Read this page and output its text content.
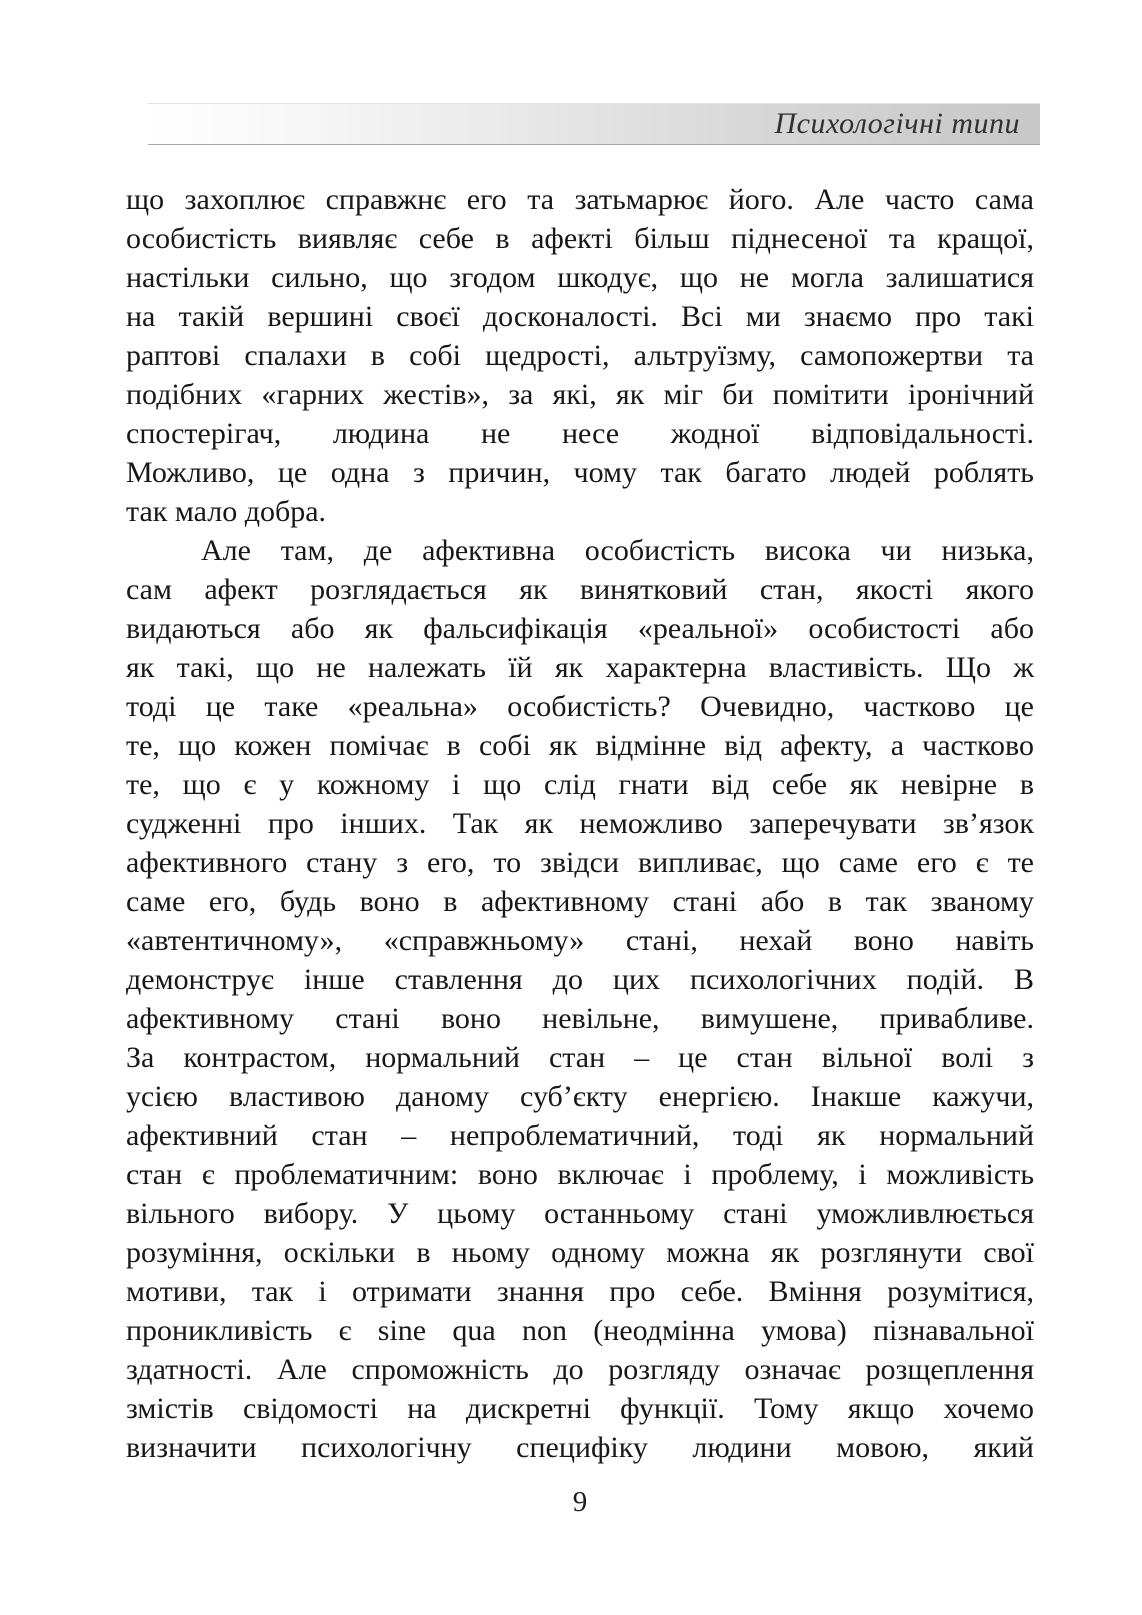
Психологічні типи
що захоплює справжнє его та затьмарює його. Але часто сама
особистість виявляє себе в афекті більш піднесеної та кращої,
настільки сильно, що згодом шкодує, що не могла залишатися
на такій вершині своєї досконалості. Всі ми знаємо про такі
раптові спалахи в собі щедрості, альтруїзму, самопожертви та
подібних «гарних жестів», за які, як міг би помітити іронічний
спостерігач, людина не несе жодної відповідальності.
Можливо, це одна з причин, чому так багато людей роблять
так мало добра.
Але там, де афективна особистість висока чи низька,
сам афект розглядається як винятковий стан, якості якого
видаються або як фальсифікація «реальної» особистості або
як такі, що не належать їй як характерна властивість. Що ж
тоді це таке «реальна» особистість? Очевидно, частково це
те, що кожен помічає в собі як відмінне від афекту, а частково
те, що є у кожному і що слід гнати від себе як невірне в
судженні про інших. Так як неможливо заперечувати зв’язок
афективного стану з его, то звідси випливає, що саме его є те
саме его, будь воно в афективному стані або в так званому
«автентичному», «справжньому» стані, нехай воно навіть
демонструє інше ставлення до цих психологічних подій. В
афективному стані воно невільне, вимушене, привабливе.
За контрастом, нормальний стан – це стан вільної волі з
усією властивою даному суб’єкту енергією. Інакше кажучи,
афективний стан – непроблематичний, тоді як нормальний
стан є проблематичним: воно включає і проблему, і можливість
вільного вибору. У цьому останньому стані уможливлюється
розуміння, оскільки в ньому одному можна як розглянути свої
мотиви, так і отримати знання про себе. Вміння розумітися,
проникливість є sine qua non (неодмінна умова) пізнавальної
здатності. Але спроможність до розгляду означає розщеплення
змістів свідомості на дискретні функції. Тому якщо хочемо
визначити психологічну специфіку людини мовою, який
9
